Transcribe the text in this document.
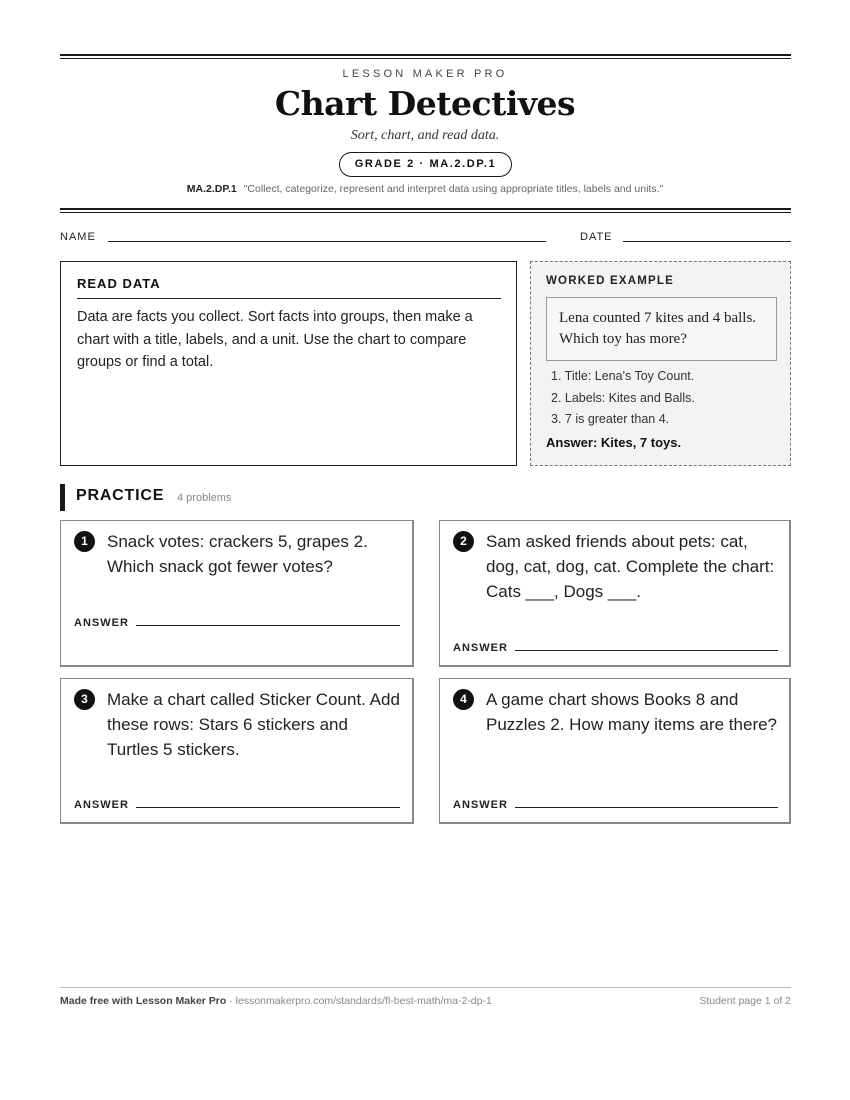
LESSON MAKER PRO
Chart Detectives
Sort, chart, and read data.
GRADE 2 · MA.2.DP.1
MA.2.DP.1 "Collect, categorize, represent and interpret data using appropriate titles, labels and units."
NAME	DATE
READ DATA
Data are facts you collect. Sort facts into groups, then make a chart with a title, labels, and a unit. Use the chart to compare groups or find a total.
WORKED EXAMPLE
Lena counted 7 kites and 4 balls. Which toy has more?
1. Title: Lena's Toy Count.
2. Labels: Kites and Balls.
3. 7 is greater than 4.
Answer: Kites, 7 toys.
PRACTICE 4 problems
1	Snack votes: crackers 5, grapes 2. Which snack got fewer votes?
ANSWER
2	Sam asked friends about pets: cat, dog, cat, dog, cat. Complete the chart: Cats ___, Dogs ___.
ANSWER
3	Make a chart called Sticker Count. Add these rows: Stars 6 stickers and Turtles 5 stickers.
ANSWER
4	A game chart shows Books 8 and Puzzles 2. How many items are there?
ANSWER
Made free with Lesson Maker Pro · lessonmakerpro.com/standards/fl-best-math/ma-2-dp-1	Student page 1 of 2
